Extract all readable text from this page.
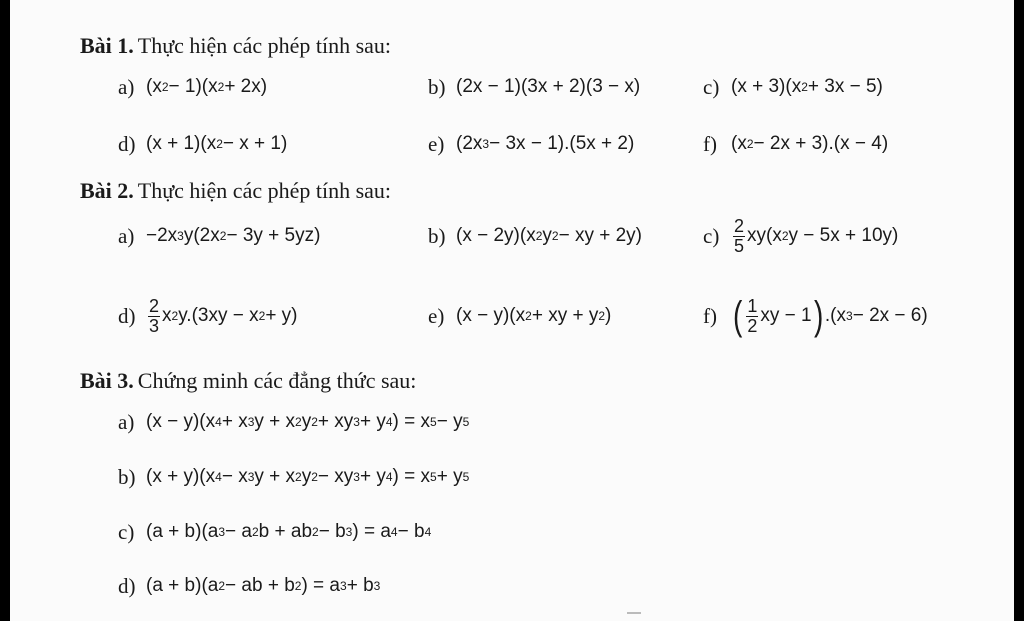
Bài 1. Thực hiện các phép tính sau:
a) (x 2 − 1)(x 2 + 2x)	b) (2x − 1)(3x + 2)(3 − x)	c) (x + 3)(x 2 + 3x − 5)
d) (x + 1)(x 2 − x + 1)	e) (2x 3 − 3x − 1).(5x + 2)	f) (x 2 − 2x + 3).(x − 4)
Bài 2. Thực hiện các phép tính sau:
a) −2x 3 y(2x 2 − 3y + 5yz)	b) (x − 2y)(x 2 y 2 − xy + 2y)	$c) \frac{2}{5} xy(x$ 2 y − 5x + 10y)
$d) \frac{2}{3}$ x 2 y.(3xy − x 2 + y)	e) (x − y)(x 2 + xy + y 2 )	f) ( $\frac{1}{2}$ xy − 1 ) .(x 3 − 2x − 6)
Bài 3. Chứng minh các đẳng thức sau:
a) (x − y)(x 4 + x 3 y + x 2 y 2 + xy 3 + y 4 ) = x 5 − y 5
b) (x + y)(x 4 − x 3 y + x 2 y 2 − xy 3 + y 4 ) = x 5 + y 5
c) (a + b)(a 3 − a 2 b + ab 2 − b 3 ) = a 4 − b 4
d) (a + b)(a 2 − ab + b 2 ) = a 3 + b 3
